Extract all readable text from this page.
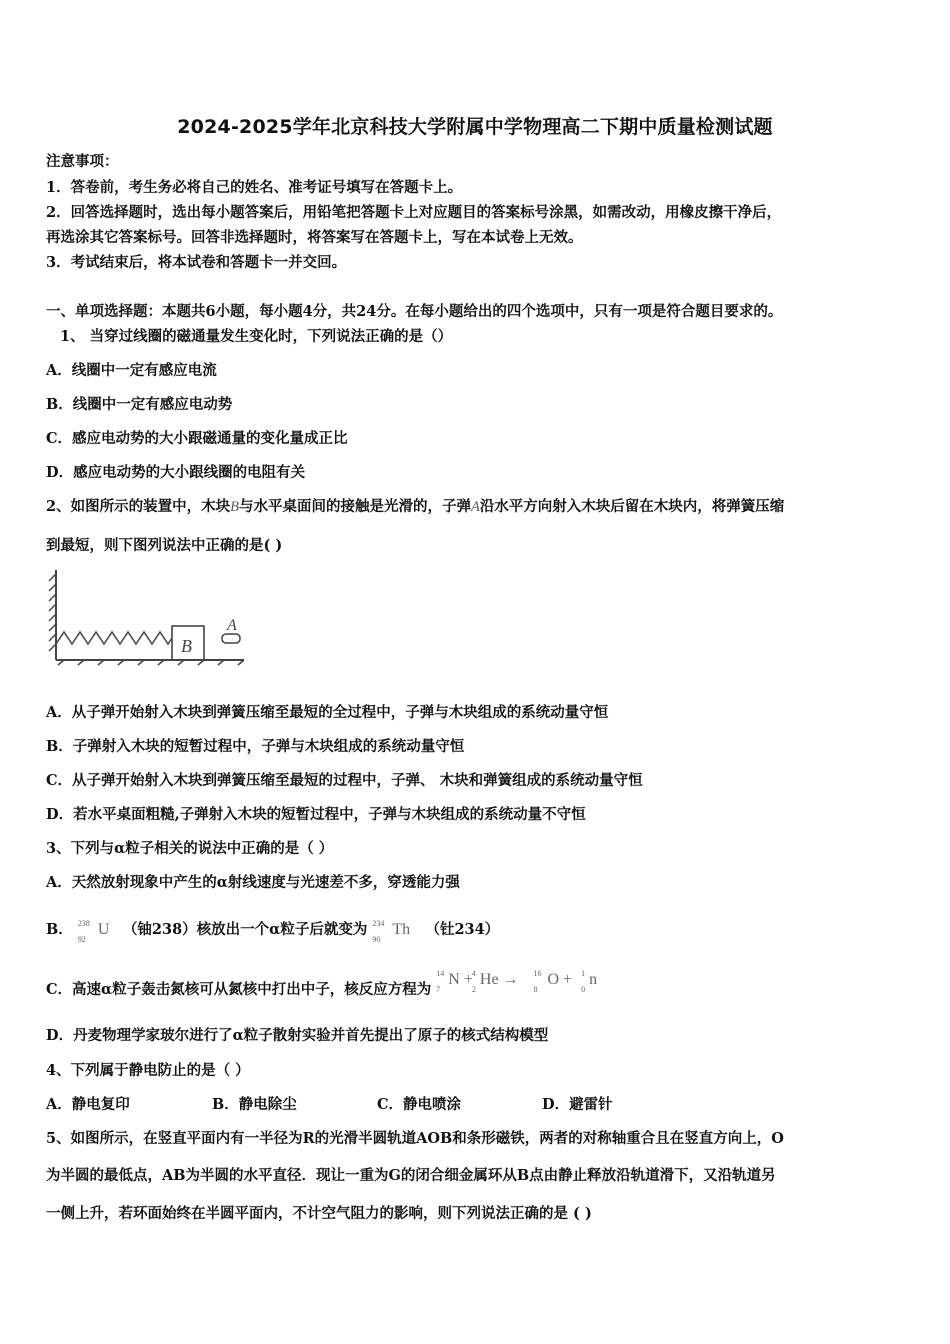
2024-2025学年北京科技大学附属中学物理高二下期中质量检测试题
注意事项：
1．答卷前，考生务必将自己的姓名、准考证号填写在答题卡上。
2．回答选择题时，选出每小题答案后，用铅笔把答题卡上对应题目的答案标号涂黑，如需改动，用橡皮擦干净后，
再选涂其它答案标号。回答非选择题时，将答案写在答题卡上，写在本试卷上无效。
3．考试结束后，将本试卷和答题卡一并交回。
一、单项选择题：本题共6小题，每小题4分，共24分。在每小题给出的四个选项中，只有一项是符合题目要求的。
1、 当穿过线圈的磁通量发生变化时，下列说法正确的是（）
A．线圈中一定有感应电流
B．线圈中一定有感应电动势
C．感应电动势的大小跟磁通量的变化量成正比
D．感应电动势的大小跟线圈的电阻有关
2、如图所示的装置中，木块B与水平桌面间的接触是光滑的，子弹A沿水平方向射入木块后留在木块内，将弹簧压缩
到最短，则下图列说法中正确的是( )
B
A
A．从子弹开始射入木块到弹簧压缩至最短的全过程中，子弹与木块组成的系统动量守恒
B．子弹射入木块的短暂过程中，子弹与木块组成的系统动量守恒
C．从子弹开始射入木块到弹簧压缩至最短的过程中，子弹、 木块和弹簧组成的系统动量守恒
D．若水平桌面粗糙,子弹射入木块的短暂过程中，子弹与木块组成的系统动量不守恒
3、下列与α粒子相关的说法中正确的是（ ）
A．天然放射现象中产生的α射线速度与光速差不多，穿透能力强
B． 238
92
U （铀238）核放出一个α粒子后就变为 234
90
Th （钍234）
C．高速α粒子轰击氮核可从氮核中打出中子，核反应方程为
14
7
N + 4
2
He → 16
8
O + 1
0
n
D．丹麦物理学家玻尔进行了α粒子散射实验并首先提出了原子的核式结构模型
4、下列属于静电防止的是（ ）
A．静电复印	B．静电除尘	C．静电喷涂	D．避雷针
5、如图所示，在竖直平面内有一半径为R的光滑半圆轨道AOB和条形磁铁，两者的对称轴重合且在竖直方向上，O
为半圆的最低点，AB为半圆的水平直径．现让一重为G的闭合细金属环从B点由静止释放沿轨道滑下，又沿轨道另
一侧上升，若环面始终在半圆平面内，不计空气阻力的影响，则下列说法正确的是 ( )
